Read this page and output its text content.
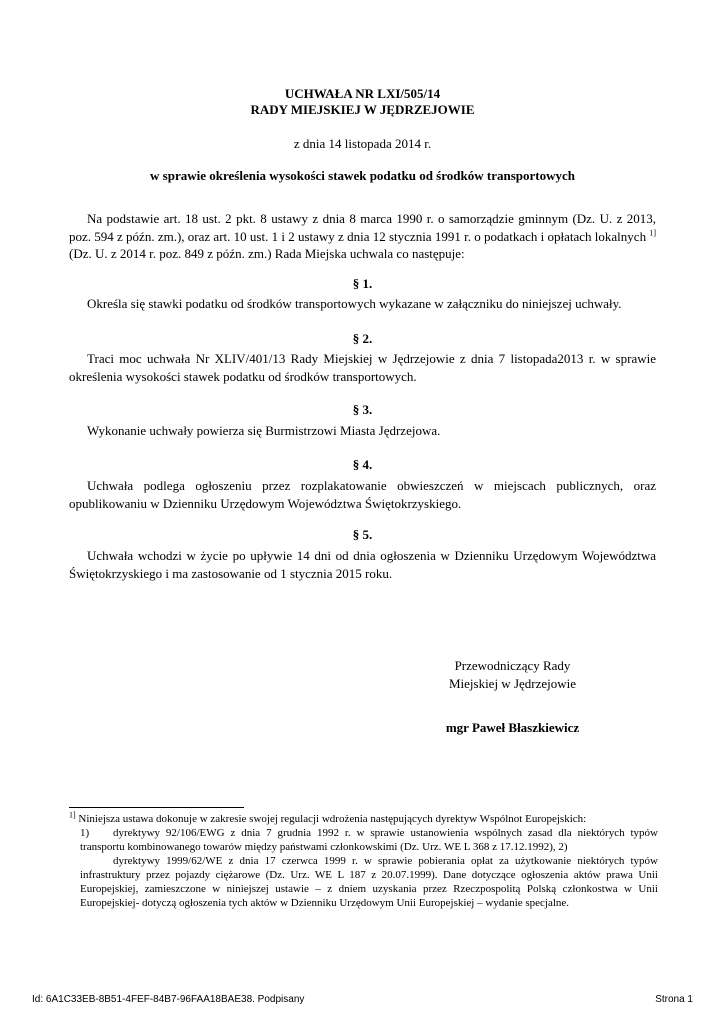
UCHWAŁA NR LXI/505/14
RADY MIEJSKIEJ W JĘDRZEJOWIE
z dnia 14 listopada 2014 r.
w sprawie określenia wysokości stawek podatku od środków transportowych
Na podstawie art. 18 ust. 2 pkt. 8 ustawy z dnia 8 marca 1990 r. o samorządzie gminnym (Dz. U. z 2013, poz. 594 z późn. zm.), oraz art. 10 ust. 1 i 2 ustawy z dnia 12 stycznia 1991 r. o podatkach i opłatach lokalnych $^{1]}$(Dz. U. z 2014 r. poz. 849 z późn. zm.) Rada Miejska uchwala co następuje:
§ 1.
Określa się stawki podatku od środków transportowych wykazane w załączniku do niniejszej uchwały.
§ 2.
Traci moc uchwała Nr XLIV/401/13 Rady Miejskiej w Jędrzejowie z dnia 7 listopada2013 r. w sprawie określenia wysokości stawek podatku od środków transportowych.
§ 3.
Wykonanie uchwały powierza się Burmistrzowi Miasta Jędrzejowa.
§ 4.
Uchwała podlega ogłoszeniu przez rozplakatowanie obwieszczeń w miejscach publicznych, oraz opublikowaniu w Dzienniku Urzędowym Województwa Świętokrzyskiego.
§ 5.
Uchwała wchodzi w życie po upływie 14 dni od dnia ogłoszenia w Dzienniku Urzędowym Województwa Świętokrzyskiego i ma zastosowanie od 1 stycznia 2015 roku.
Przewodniczący Rady
Miejskiej w Jędrzejowie
mgr Paweł Błaszkiewicz
$^{1]}$ Niniejsza ustawa dokonuje w zakresie swojej regulacji wdrożenia następujących dyrektyw Wspólnot Europejskich:
1)	dyrektywy 92/106/EWG z dnia 7 grudnia 1992 r. w sprawie ustanowienia wspólnych zasad dla niektórych typów transportu kombinowanego towarów między państwami członkowskimi (Dz. Urz. WE L 368 z 17.12.1992), 2)
dyrektywy 1999/62/WE z dnia 17 czerwca 1999 r. w sprawie pobierania opłat za użytkowanie niektórych typów infrastruktury przez pojazdy ciężarowe (Dz. Urz. WE L 187 z 20.07.1999). Dane dotyczące ogłoszenia aktów prawa Unii Europejskiej, zamieszczone w niniejszej ustawie – z dniem uzyskania przez Rzeczpospolitą Polską członkostwa w Unii Europejskiej- dotyczą ogłoszenia tych aktów w Dzienniku Urzędowym Unii Europejskiej – wydanie specjalne.
Id: 6A1C33EB-8B51-4FEF-84B7-96FAA18BAE38. Podpisany	Strona 1
